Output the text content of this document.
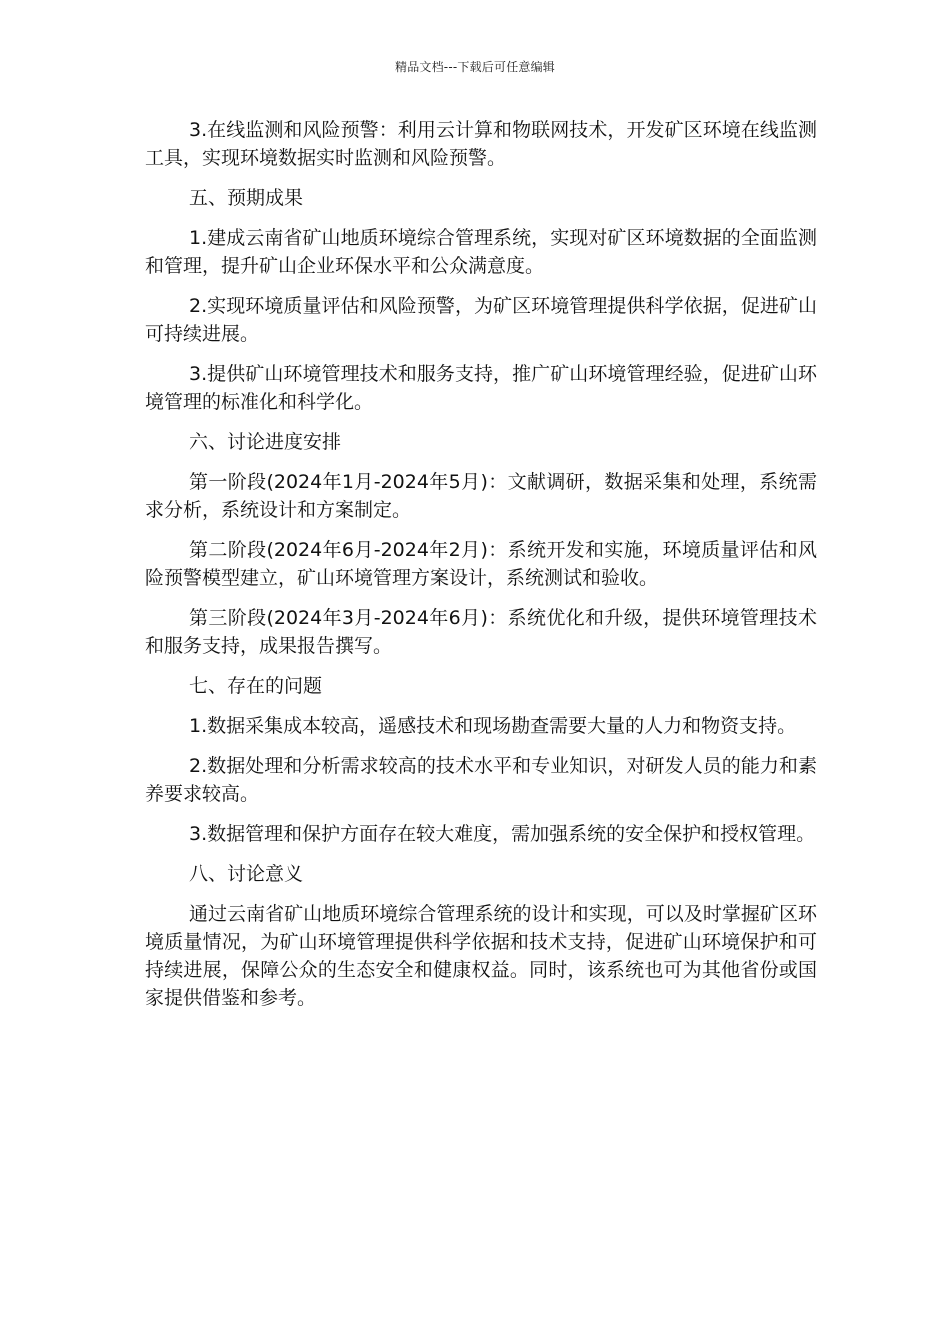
精品文档---下载后可任意编辑

3.在线监测和风险预警：利用云计算和物联网技术，开发矿区环境在线监测工具，实现环境数据实时监测和风险预警。

五、预期成果

1.建成云南省矿山地质环境综合管理系统，实现对矿区环境数据的全面监测和管理，提升矿山企业环保水平和公众满意度。

2.实现环境质量评估和风险预警，为矿区环境管理提供科学依据，促进矿山可持续进展。

3.提供矿山环境管理技术和服务支持，推广矿山环境管理经验，促进矿山环境管理的标准化和科学化。

六、讨论进度安排

第一阶段(2024年1月-2024年5月)：文献调研，数据采集和处理，系统需求分析，系统设计和方案制定。

第二阶段(2024年6月-2024年2月)：系统开发和实施，环境质量评估和风险预警模型建立，矿山环境管理方案设计，系统测试和验收。

第三阶段(2024年3月-2024年6月)：系统优化和升级，提供环境管理技术和服务支持，成果报告撰写。

七、存在的问题

1.数据采集成本较高，遥感技术和现场勘查需要大量的人力和物资支持。

2.数据处理和分析需求较高的技术水平和专业知识，对研发人员的能力和素养要求较高。

3.数据管理和保护方面存在较大难度，需加强系统的安全保护和授权管理。

八、讨论意义

通过云南省矿山地质环境综合管理系统的设计和实现，可以及时掌握矿区环境质量情况，为矿山环境管理提供科学依据和技术支持，促进矿山环境保护和可持续进展，保障公众的生态安全和健康权益。同时，该系统也可为其他省份或国家提供借鉴和参考。
